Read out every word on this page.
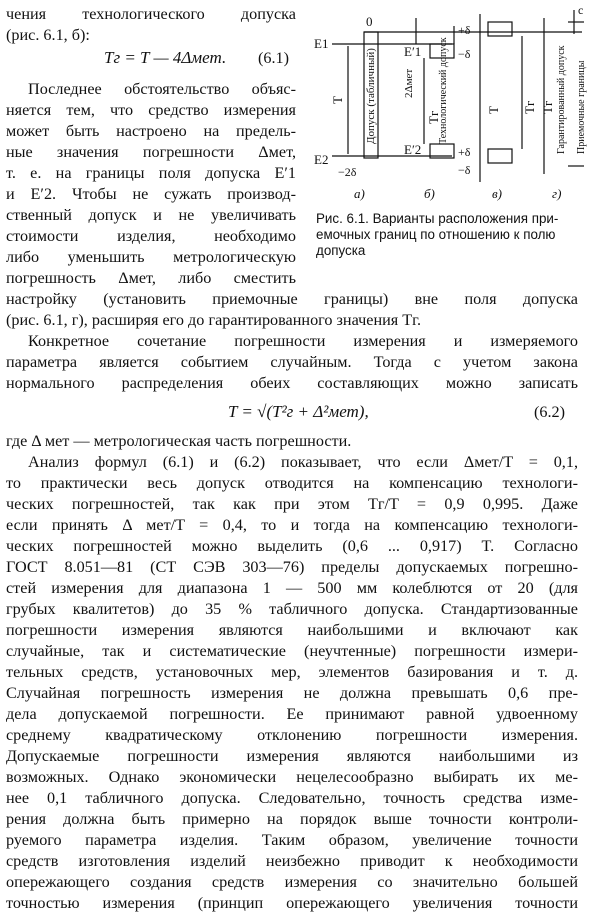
чения технологического допуска
(рис. 6.1, б):
Tг = T — 4Δмет. (6.1)
Последнее обстоятельство объяс-
няется тем, что средство измерения
может быть настроено на предель-
ные значения погрешности Δмет,
т. е. на границы поля допуска E′1
и E′2. Чтобы не сужать производ-
ственный допуск и не увеличивать
стоимости изделия, необходимо
либо уменьшить метрологическую
погрешность Δмет, либо сместить
E1
E2
0
−2δ
E′1
E′2
+δ
−δ
+δ
−δ
c
T Допуск (табличный) 2Δмет
Tг
Технологический допуск	T Tг Tг Гарантированный допуск Приемочные границы
а)	б)	в)	г)
Рис. 6.1. Варианты расположения при-
емочных границ по отношению к полю
допуска
настройку (установить приемочные границы) вне поля допуска
(рис. 6.1, г), расширяя его до гарантированного значения Tг.
Конкретное сочетание погрешности измерения и измеряемого
параметра является событием случайным. Тогда с учетом закона
нормального распределения обеих составляющих можно записать
T = √(T²г + Δ²мет),	(6.2)
где Δ мет — метрологическая часть погрешности.
Анализ формул (6.1) и (6.2) показывает, что если Δмет/T = 0,1,
то практически весь допуск отводится на компенсацию технологи-
ческих погрешностей, так как при этом Tг/T = 0,9 0,995. Даже
если принять Δ мет/T = 0,4, то и тогда на компенсацию технологи-
ческих погрешностей можно выделить (0,6 ... 0,917) T. Согласно
ГОСТ 8.051—81 (СТ СЭВ 303—76) пределы допускаемых погрешно-
стей измерения для диапазона 1 — 500 мм колеблются от 20 (для
грубых квалитетов) до 35 % табличного допуска. Стандартизованные
погрешности измерения являются наибольшими и включают как
случайные, так и систематические (неучтенные) погрешности измери-
тельных средств, установочных мер, элементов базирования и т. д.
Случайная погрешность измерения не должна превышать 0,6 пре-
дела допускаемой погрешности. Ее принимают равной удвоенному
среднему квадратическому отклонению погрешности измерения.
Допускаемые погрешности измерения являются наибольшими из
возможных. Однако экономически нецелесообразно выбирать их ме-
нее 0,1 табличного допуска. Следовательно, точность средства изме-
рения должна быть примерно на порядок выше точности контроли-
руемого параметра изделия. Таким образом, увеличение точности
средств изготовления изделий неизбежно приводит к необходимости
опережающего создания средств измерения со значительно большей
точностью измерения (принцип опережающего увеличения точности
